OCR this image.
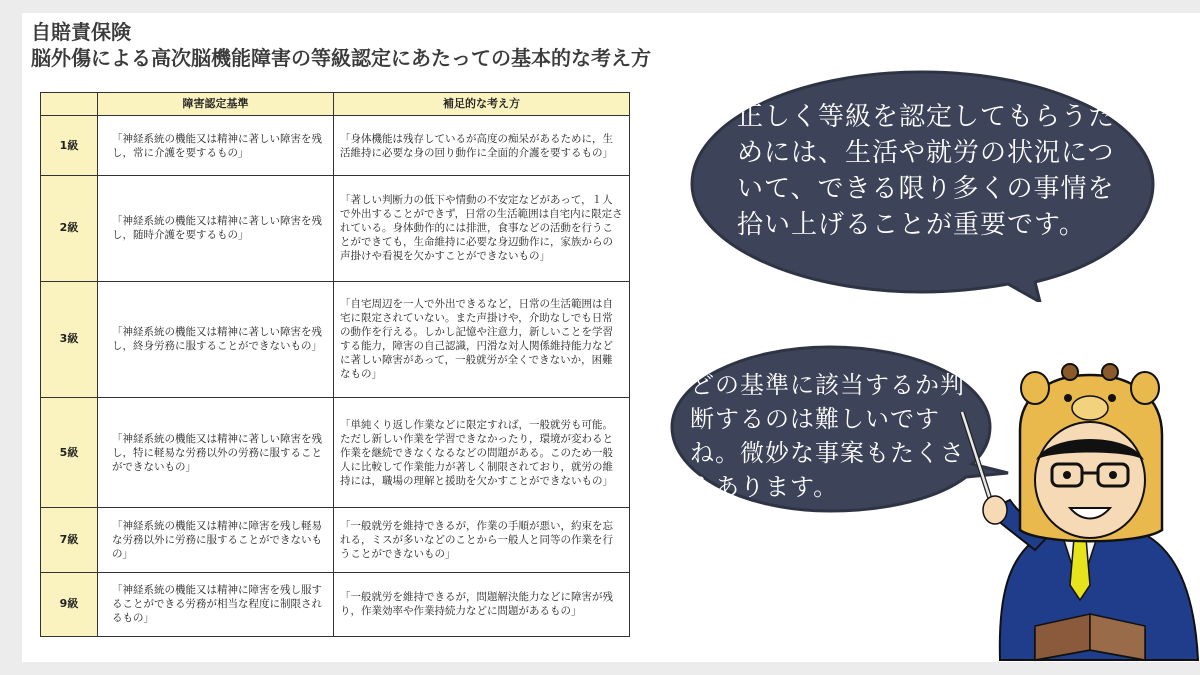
自賠責保険
脳外傷による高次脳機能障害の等級認定にあたっての基本的な考え方
	障害認定基準	補足的な考え方
1級	「神経系統の機能又は精神に著しい障害を残し，常に介護を要するもの」	「身体機能は残存しているが高度の痴呆があるために，生活維持に必要な身の回り動作に全面的介護を要するもの」
2級	「神経系統の機能又は精神に著しい障害を残し，随時介護を要するもの」	「著しい判断力の低下や情動の不安定などがあって，１人で外出することができず，日常の生活範囲は自宅内に限定されている。身体動作的には排泄，食事などの活動を行うことができても，生命維持に必要な身辺動作に，家族からの声掛けや看視を欠かすことができないもの」
3級	「神経系統の機能又は精神に著しい障害を残し，終身労務に服することができないもの」	「自宅周辺を一人で外出できるなど，日常の生活範囲は自宅に限定されていない。また声掛けや，介助なしでも日常の動作を行える。しかし記憶や注意力，新しいことを学習する能力，障害の自己認識，円滑な対人関係維持能力などに著しい障害があって，一般就労が全くできないか，困難なもの」
5級	「神経系統の機能又は精神に著しい障害を残し，特に軽易な労務以外の労務に服することができないもの」	「単純くり返し作業などに限定すれば，一般就労も可能。ただし新しい作業を学習できなかったり，環境が変わると作業を継続できなくなるなどの問題がある。このため一般人に比較して作業能力が著しく制限されており，就労の維持には，職場の理解と援助を欠かすことができないもの」
7級	「神経系統の機能又は精神に障害を残し軽易な労務以外に労務に服することができないもの」	「一般就労を維持できるが，作業の手順が悪い，約束を忘れる，ミスが多いなどのことから一般人と同等の作業を行うことができないもの」
9級	「神経系統の機能又は精神に障害を残し服することができる労務が相当な程度に制限されるもの」	「一般就労を維持できるが，問題解決能力などに障害が残り，作業効率や作業持続力などに問題があるもの」
正しく等級を認定してもらうためには、生活や就労の状況について、できる限り多くの事情を拾い上げることが重要です。
どの基準に該当するか判断するのは難しいですね。微妙な事案もたくさんあります。
